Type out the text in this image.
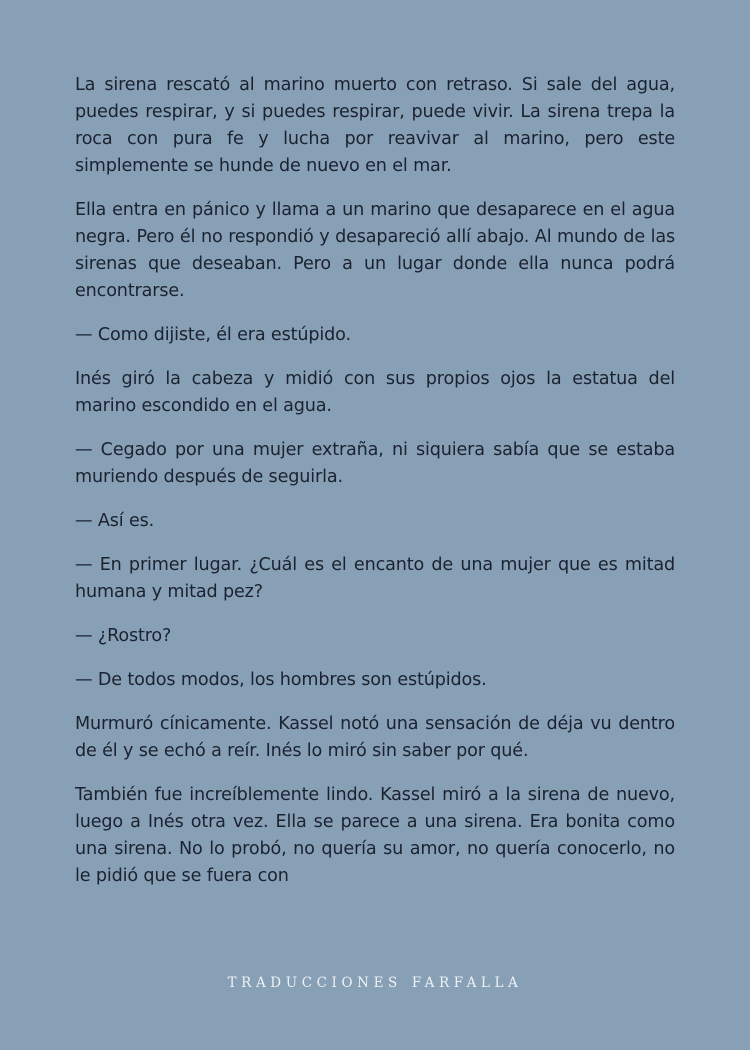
La sirena rescató al marino muerto con retraso. Si sale del agua, puedes respirar, y si puedes respirar, puede vivir. La sirena trepa la roca con pura fe y lucha por reavivar al marino, pero este simplemente se hunde de nuevo en el mar.

Ella entra en pánico y llama a un marino que desaparece en el agua negra. Pero él no respondió y desapareció allí abajo. Al mundo de las sirenas que deseaban. Pero a un lugar donde ella nunca podrá encontrarse.

— Como dijiste, él era estúpido.

Inés giró la cabeza y midió con sus propios ojos la estatua del marino escondido en el agua.

— Cegado por una mujer extraña, ni siquiera sabía que se estaba muriendo después de seguirla.

— Así es.

— En primer lugar. ¿Cuál es el encanto de una mujer que es mitad humana y mitad pez?

— ¿Rostro?

— De todos modos, los hombres son estúpidos.

Murmuró cínicamente. Kassel notó una sensación de déja vu dentro de él y se echó a reír. Inés lo miró sin saber por qué.

También fue increíblemente lindo. Kassel miró a la sirena de nuevo, luego a Inés otra vez. Ella se parece a una sirena. Era bonita como una sirena. No lo probó, no quería su amor, no quería conocerlo, no le pidió que se fuera con

TRADUCCIONES FARFALLA
